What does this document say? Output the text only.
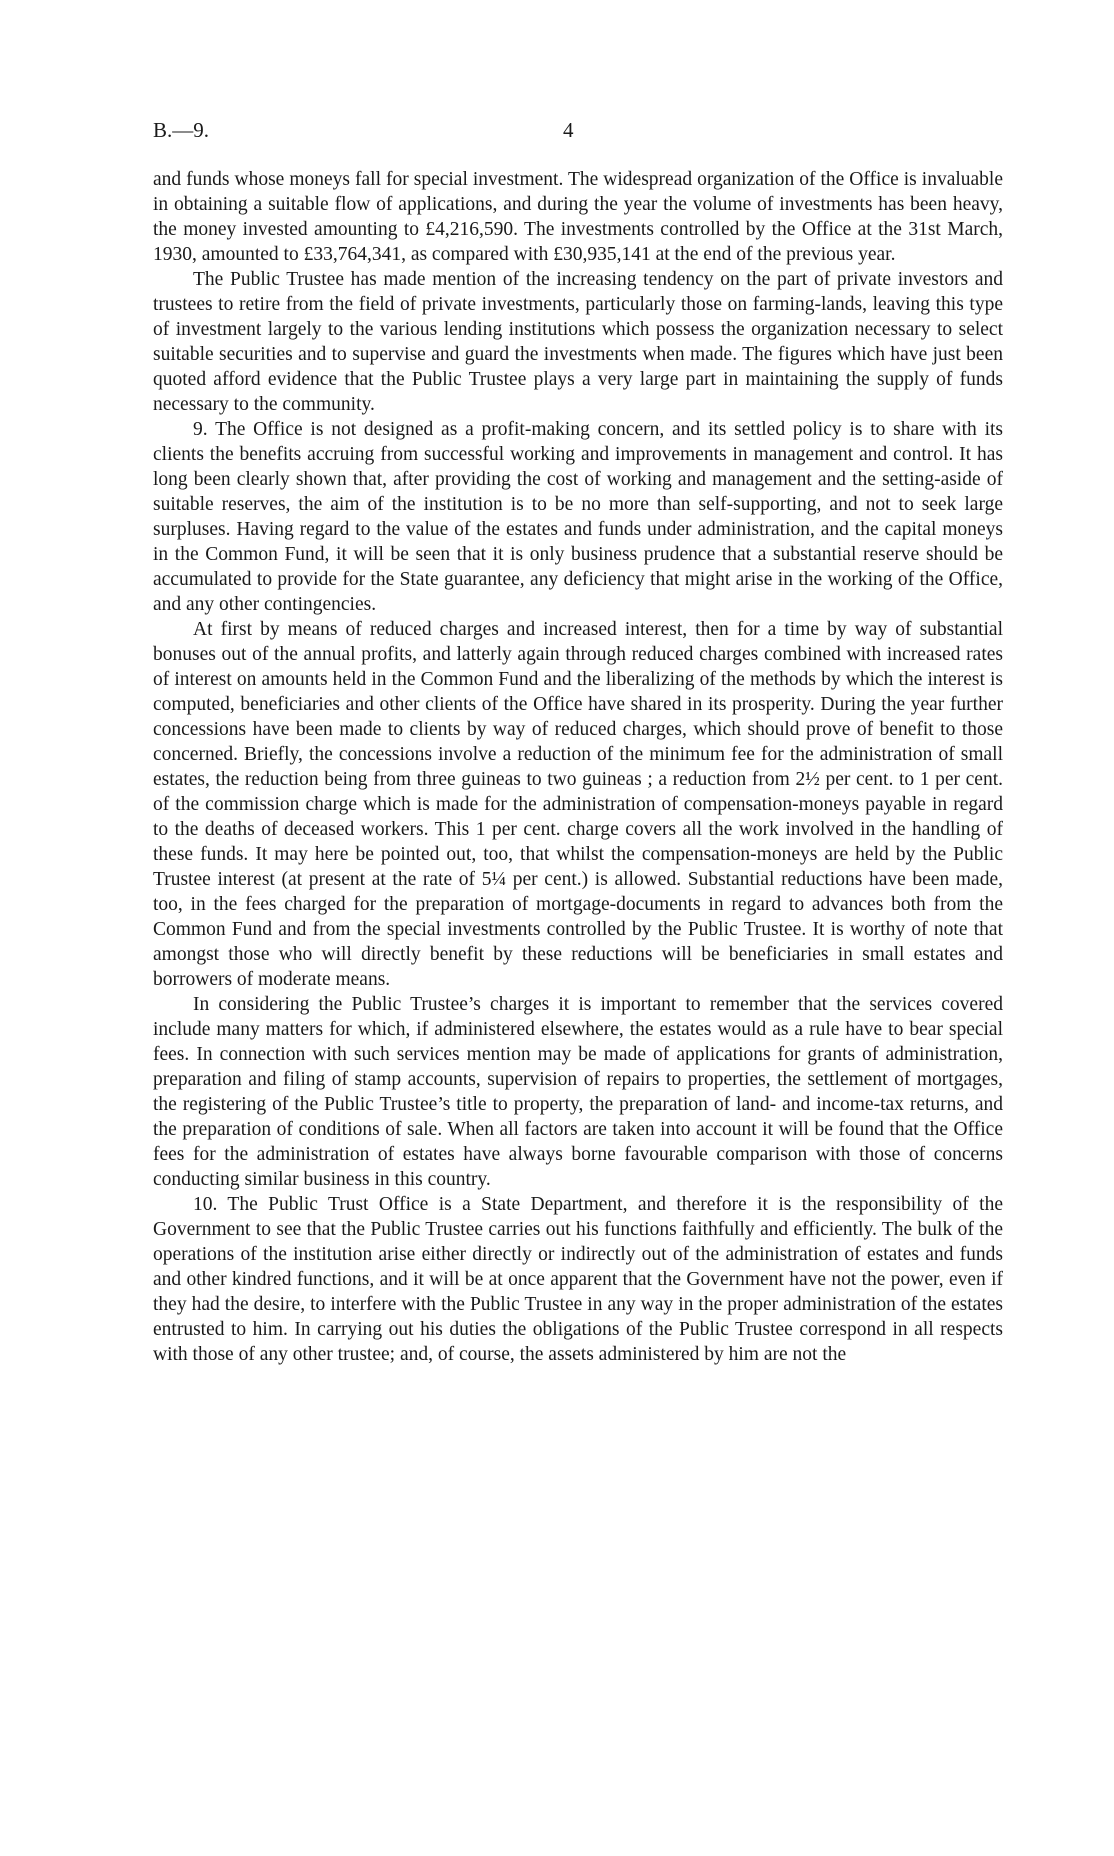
B.—9.	4

and funds whose moneys fall for special investment. The widespread organization of the Office is invaluable in obtaining a suitable flow of applications, and during the year the volume of investments has been heavy, the money invested amounting to £4,216,590. The investments controlled by the Office at the 31st March, 1930, amounted to £33,764,341, as compared with £30,935,141 at the end of the previous year.

The Public Trustee has made mention of the increasing tendency on the part of private investors and trustees to retire from the field of private investments, particularly those on farming-lands, leaving this type of investment largely to the various lending institutions which possess the organization necessary to select suitable securities and to supervise and guard the investments when made. The figures which have just been quoted afford evidence that the Public Trustee plays a very large part in maintaining the supply of funds necessary to the community.

9. The Office is not designed as a profit-making concern, and its settled policy is to share with its clients the benefits accruing from successful working and improvements in management and control. It has long been clearly shown that, after providing the cost of working and management and the setting-aside of suitable reserves, the aim of the institution is to be no more than self-supporting, and not to seek large surpluses. Having regard to the value of the estates and funds under administration, and the capital moneys in the Common Fund, it will be seen that it is only business prudence that a substantial reserve should be accumulated to provide for the State guarantee, any deficiency that might arise in the working of the Office, and any other contingencies.

At first by means of reduced charges and increased interest, then for a time by way of substantial bonuses out of the annual profits, and latterly again through reduced charges combined with increased rates of interest on amounts held in the Common Fund and the liberalizing of the methods by which the interest is computed, beneficiaries and other clients of the Office have shared in its prosperity. During the year further concessions have been made to clients by way of reduced charges, which should prove of benefit to those concerned. Briefly, the concessions involve a reduction of the minimum fee for the administration of small estates, the reduction being from three guineas to two guineas ; a reduction from 2½ per cent. to 1 per cent. of the commission charge which is made for the administration of compensation-moneys payable in regard to the deaths of deceased workers. This 1 per cent. charge covers all the work involved in the handling of these funds. It may here be pointed out, too, that whilst the compensation-moneys are held by the Public Trustee interest (at present at the rate of 5¼ per cent.) is allowed. Substantial reductions have been made, too, in the fees charged for the preparation of mortgage-documents in regard to advances both from the Common Fund and from the special investments controlled by the Public Trustee. It is worthy of note that amongst those who will directly benefit by these reductions will be beneficiaries in small estates and borrowers of moderate means.

In considering the Public Trustee’s charges it is important to remember that the services covered include many matters for which, if administered elsewhere, the estates would as a rule have to bear special fees. In connection with such services mention may be made of applications for grants of administration, preparation and filing of stamp accounts, supervision of repairs to properties, the settlement of mortgages, the registering of the Public Trustee’s title to property, the preparation of land- and income-tax returns, and the preparation of conditions of sale. When all factors are taken into account it will be found that the Office fees for the administration of estates have always borne favourable comparison with those of concerns conducting similar business in this country.

10. The Public Trust Office is a State Department, and therefore it is the responsibility of the Government to see that the Public Trustee carries out his functions faithfully and efficiently. The bulk of the operations of the institution arise either directly or indirectly out of the administration of estates and funds and other kindred functions, and it will be at once apparent that the Government have not the power, even if they had the desire, to interfere with the Public Trustee in any way in the proper administration of the estates entrusted to him. In carrying out his duties the obligations of the Public Trustee correspond in all respects with those of any other trustee; and, of course, the assets administered by him are not the
